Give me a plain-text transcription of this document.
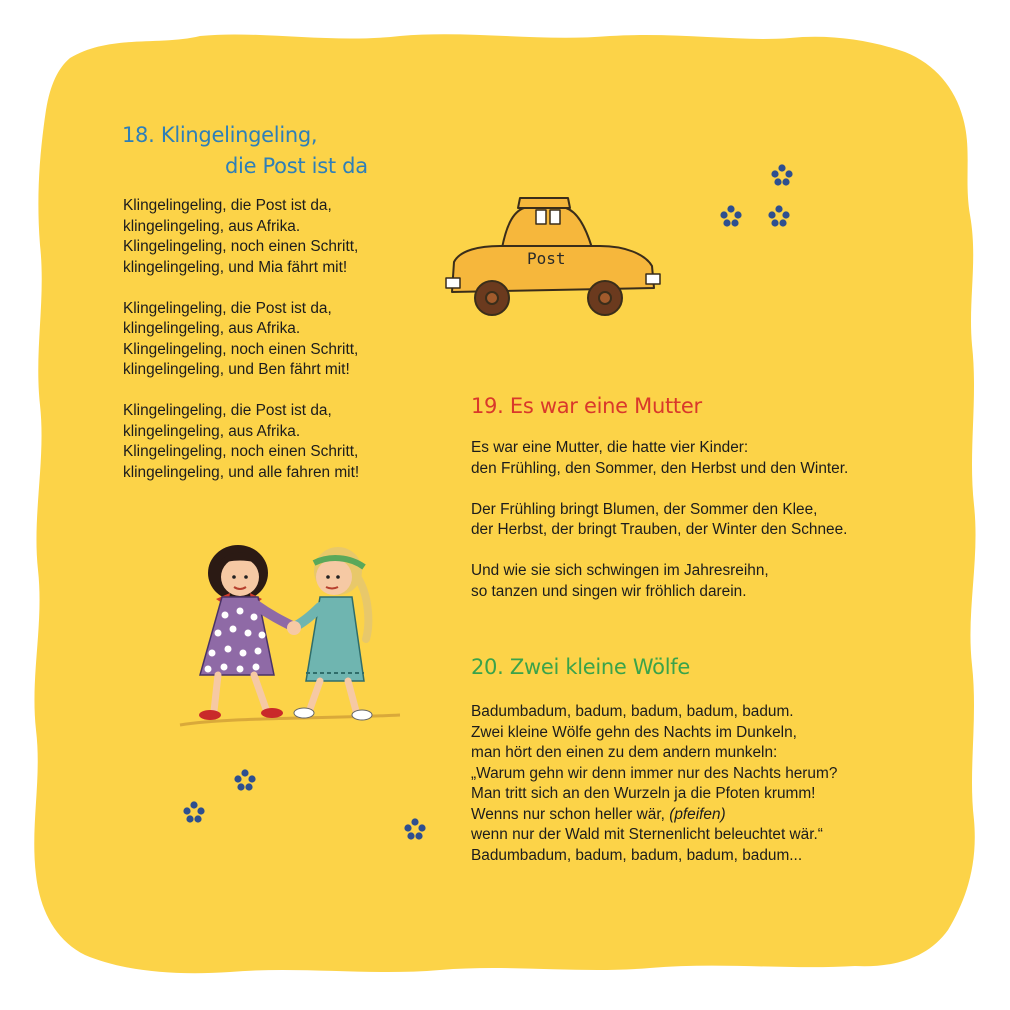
18. Klingelingeling,
die Post ist da

Klingelingeling, die Post ist da,
klingelingeling, aus Afrika.
Klingelingeling, noch einen Schritt,
klingelingeling, und Mia fährt mit!

Klingelingeling, die Post ist da,
klingelingeling, aus Afrika.
Klingelingeling, noch einen Schritt,
klingelingeling, und Ben fährt mit!

Klingelingeling, die Post ist da,
klingelingeling, aus Afrika.
Klingelingeling, noch einen Schritt,
klingelingeling, und alle fahren mit!

19. Es war eine Mutter

Es war eine Mutter, die hatte vier Kinder:
den Frühling, den Sommer, den Herbst und den Winter.

Der Frühling bringt Blumen, der Sommer den Klee,
der Herbst, der bringt Trauben, der Winter den Schnee.

Und wie sie sich schwingen im Jahresreihn,
so tanzen und singen wir fröhlich darein.

20. Zwei kleine Wölfe
Badumbadum, badum, badum, badum, badum.
Zwei kleine Wölfe gehn des Nachts im Dunkeln,
man hört den einen zu dem andern munkeln:
„Warum gehn wir denn immer nur des Nachts herum?
Man tritt sich an den Wurzeln ja die Pfoten krumm!
Wenns nur schon heller wär, (pfeifen)
wenn nur der Wald mit Sternenlicht beleuchtet wär.“
Badumbadum, badum, badum, badum, badum...
Post
